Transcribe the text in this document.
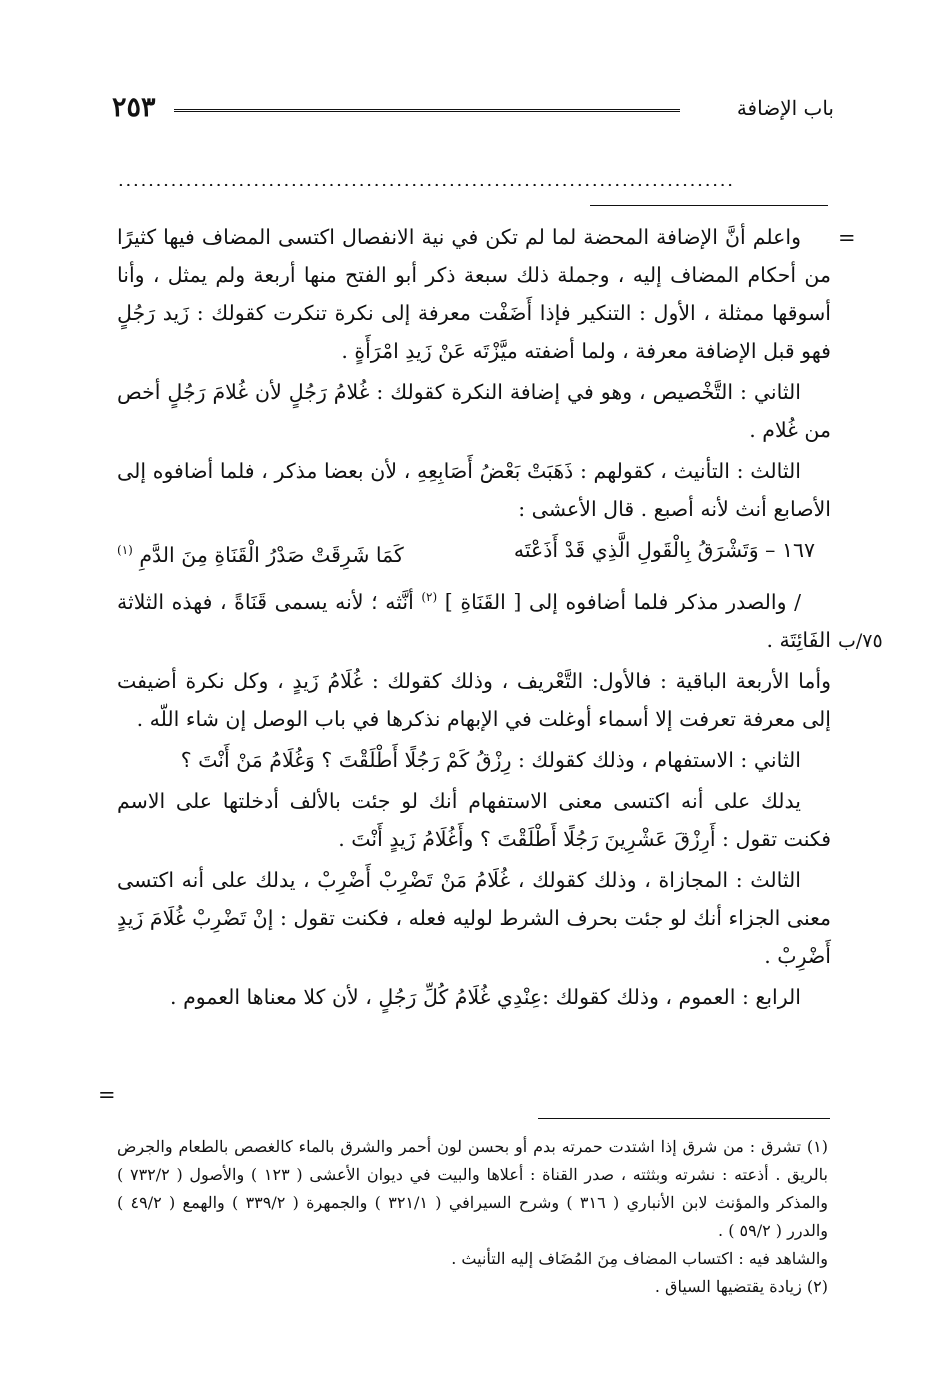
باب الإضافة
٢٥٣
..................................................................................
=
=
٧٥/ب

واعلم أنَّ الإضافة المحضة لما لم تكن في نية الانفصال اكتسى المضاف فيها كثيرًا من أحكام المضاف إليه ، وجملة ذلك سبعة ذكر أبو الفتح منها أربعة ولم يمثل ، وأنا أسوقها ممثلة ، الأول : التنكير فإذا أَضَفْت معرفة إلى نكرة تنكرت كقولك : زَيد رَجُلٍ فهو قبل الإضافة معرفة ، ولما أضفته ميَّزْتَه عَنْ زَيدِ امْرَأَةٍ .

الثاني : التَّخْصيص ، وهو في إضافة النكرة كقولك : غُلامُ رَجُلٍ لأن غُلامَ رَجُلٍ أخص من غُلام .

الثالث : التأنيث ، كقولهم : ذَهَبَتْ بَعْضُ أَصَابِعِهِ ، لأن بعضا مذكر ، فلما أضافوه إلى الأصابع أنث لأنه أصبع . قال الأعشى :

١٦٧ – وَتَشْرَقُ بِالْقَولِ الَّذِي قَدْ أَذَعْتَه
كَمَا شَرِقَتْ صَدْرُ الْقَنَاةِ مِنَ الدَّمِ $^{(١)}$

/ والصدر مذكر فلما أضافوه إلى [ القَنَاةِ ] $^{(٢)}$ أنَّثه ؛ لأنه يسمى قَنَاةً ، فهذه الثلاثة الفَائِتَة .

وأما الأربعة الباقية : فالأول: التَّعْريف ، وذلك كقولك : غُلَامُ زَيدٍ ، وكل نكرة أضيفت إلى معرفة تعرفت إلا أسماء أوغلت في الإبهام نذكرها في باب الوصل إن شاء اللّه .

الثاني : الاستفهام ، وذلك كقولك : رِزْقُ كَمْ رَجُلًا أَطْلَقْتَ ؟ وَغُلَامُ مَنْ أَنْتَ ؟

يدلك على أنه اكتسى معنى الاستفهام أنك لو جئت بالألف أدخلتها على الاسم فكنت تقول : أَرِزْقَ عَشْرِينَ رَجُلًا أَطْلَقْتَ ؟ وأَغُلَامُ زَيدٍ أَنْتَ .

الثالث : المجازاة ، وذلك كقولك ، غُلَامُ مَنْ تَضْرِبْ أَضْرِبْ ، يدلك على أنه اكتسى معنى الجزاء أنك لو جئت بحرف الشرط لوليه فعله ، فكنت تقول : إنْ تَضْرِبْ غُلَامَ زَيدٍ أَضْرِبْ .

الرابع : العموم ، وذلك كقولك :عِنْدِي غُلَامُ كُلِّ رَجُلٍ ، لأن كلا معناها العموم .

(١) تشرق : من شرق إذا اشتدت حمرته بدم أو بحسن لون أحمر والشرق بالماء كالغصص بالطعام والجرض بالريق . أذعته : نشرته وبثثته ، صدر القناة : أعلاها والبيت في ديوان الأعشى ( ١٢٣ ) والأصول ( ٧٣٢/٢ ) والمذكر والمؤنث لابن الأنباري ( ٣١٦ ) وشرح السيرافي ( ٣٢١/١ ) والجمهرة ( ٣٣٩/٢ ) والهمع ( ٤٩/٢ ) والدرر ( ٥٩/٢ ) .

والشاهد فيه : اكتساب المضاف مِنَ المُضَاف إليه التأنيث .

(٢) زيادة يقتضيها السياق .
